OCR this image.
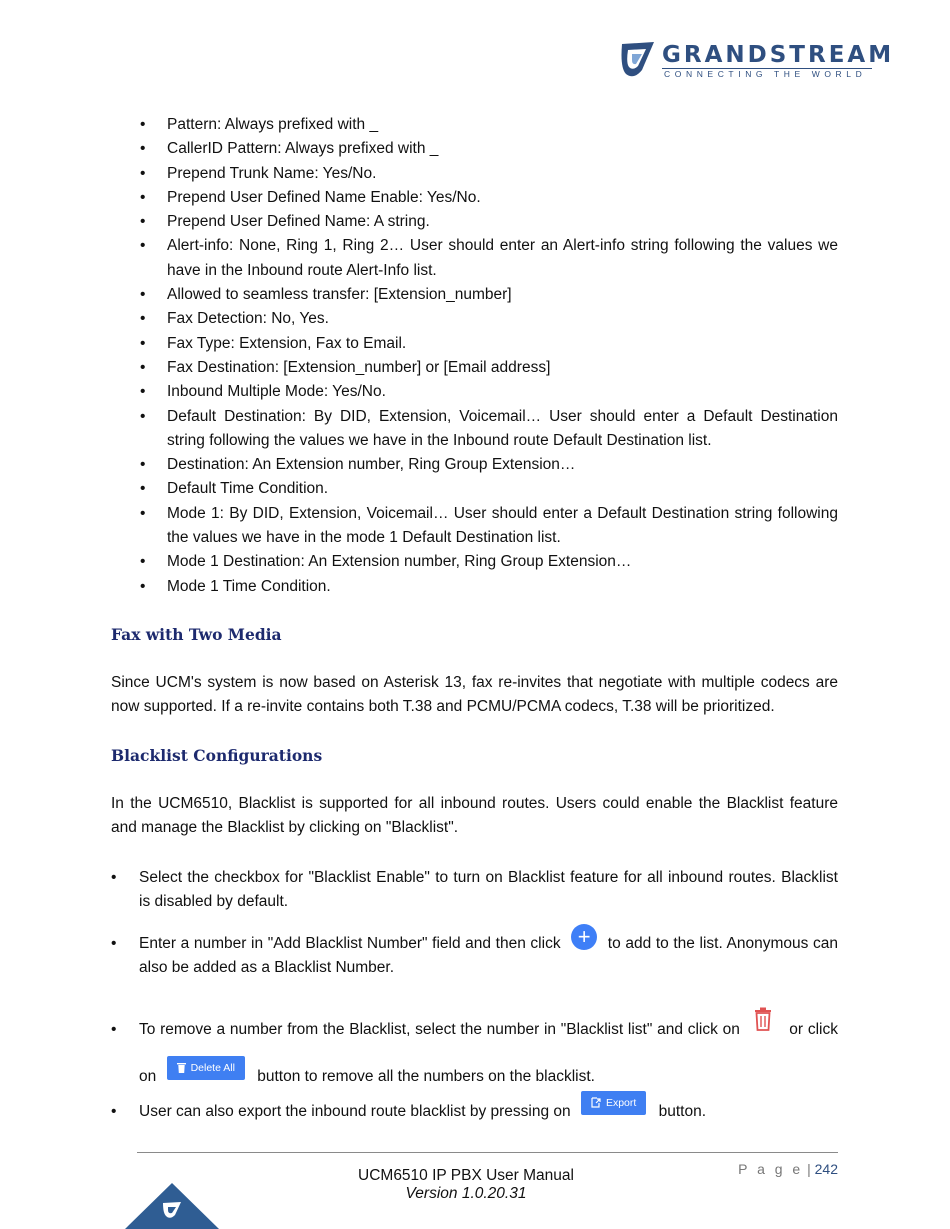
GRANDSTREAM
CONNECTING THE WORLD
• Pattern: Always prefixed with _
• CallerID Pattern: Always prefixed with _
• Prepend Trunk Name: Yes/No.
• Prepend User Defined Name Enable: Yes/No.
• Prepend User Defined Name: A string.
• Alert-info: None, Ring 1, Ring 2… User should enter an Alert-info string following the values we have in the Inbound route Alert-Info list.
• Allowed to seamless transfer: [Extension_number]
• Fax Detection: No, Yes.
• Fax Type: Extension, Fax to Email.
• Fax Destination: [Extension_number] or [Email address]
• Inbound Multiple Mode: Yes/No.
• Default Destination: By DID, Extension, Voicemail… User should enter a Default Destination string following the values we have in the Inbound route Default Destination list.
• Destination: An Extension number, Ring Group Extension…
• Default Time Condition.
• Mode 1: By DID, Extension, Voicemail… User should enter a Default Destination string following the values we have in the mode 1 Default Destination list.
• Mode 1 Destination: An Extension number, Ring Group Extension…
• Mode 1 Time Condition.
Fax with Two Media

Since UCM's system is now based on Asterisk 13, fax re-invites that negotiate with multiple codecs are now supported. If a re-invite contains both T.38 and PCMU/PCMA codecs, T.38 will be prioritized.

Blacklist Configurations

In the UCM6510, Blacklist is supported for all inbound routes. Users could enable the Blacklist feature and manage the Blacklist by clicking on "Blacklist".

• Select the checkbox for "Blacklist Enable" to turn on Blacklist feature for all inbound routes. Blacklist is disabled by default.
• Enter a number in "Add Blacklist Number" field and then click + to add to the list. Anonymous can also be added as a Blacklist Number.
• To remove a number from the Blacklist, select the number in "Blacklist list" and click on	or click on Delete All button to remove all the numbers on the blacklist.
• User can also export the inbound route blacklist by pressing on Export button.
P a g e | 242
UCM6510 IP PBX User Manual
Version 1.0.20.31
